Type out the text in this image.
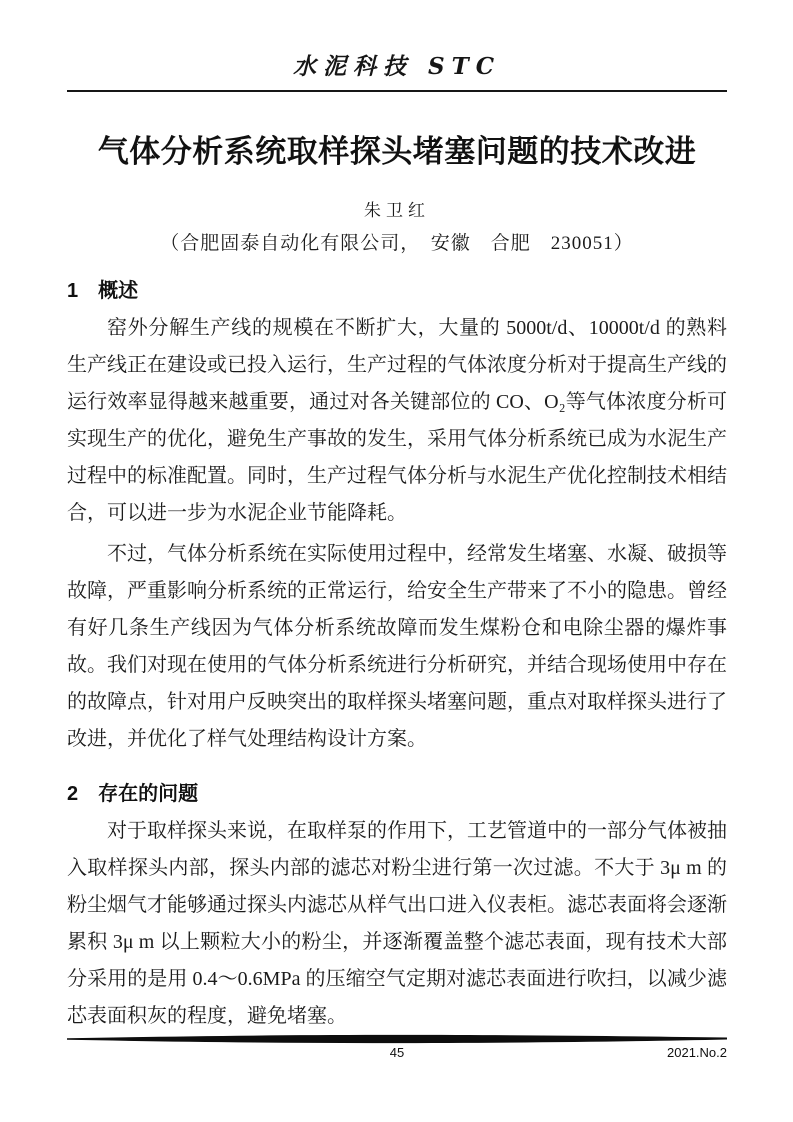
水泥科技 STC
气体分析系统取样探头堵塞问题的技术改进
朱卫红
（合肥固泰自动化有限公司，　安徽　合肥　230051）
1　概述

窑外分解生产线的规模在不断扩大，大量的 5000t/d、10000t/d 的熟料生产线正在建设或已投入运行，生产过程的气体浓度分析对于提高生产线的运行效率显得越来越重要，通过对各关键部位的 CO、O₂等气体浓度分析可实现生产的优化，避免生产事故的发生，采用气体分析系统已成为水泥生产过程中的标准配置。同时，生产过程气体分析与水泥生产优化控制技术相结合，可以进一步为水泥企业节能降耗。

不过，气体分析系统在实际使用过程中，经常发生堵塞、水凝、破损等故障，严重影响分析系统的正常运行，给安全生产带来了不小的隐患。曾经有好几条生产线因为气体分析系统故障而发生煤粉仓和电除尘器的爆炸事故。我们对现在使用的气体分析系统进行分析研究，并结合现场使用中存在的故障点，针对用户反映突出的取样探头堵塞问题，重点对取样探头进行了改进，并优化了样气处理结构设计方案。

2　存在的问题

对于取样探头来说，在取样泵的作用下，工艺管道中的一部分气体被抽入取样探头内部，探头内部的滤芯对粉尘进行第一次过滤。不大于 3μ m 的粉尘烟气才能够通过探头内滤芯从样气出口进入仪表柜。滤芯表面将会逐渐累积 3μ m 以上颗粒大小的粉尘，并逐渐覆盖整个滤芯表面，现有技术大部分采用的是用 0.4～0.6MPa 的压缩空气定期对滤芯表面进行吹扫，以减少滤芯表面积灰的程度，避免堵塞。

45	2021.No.2
